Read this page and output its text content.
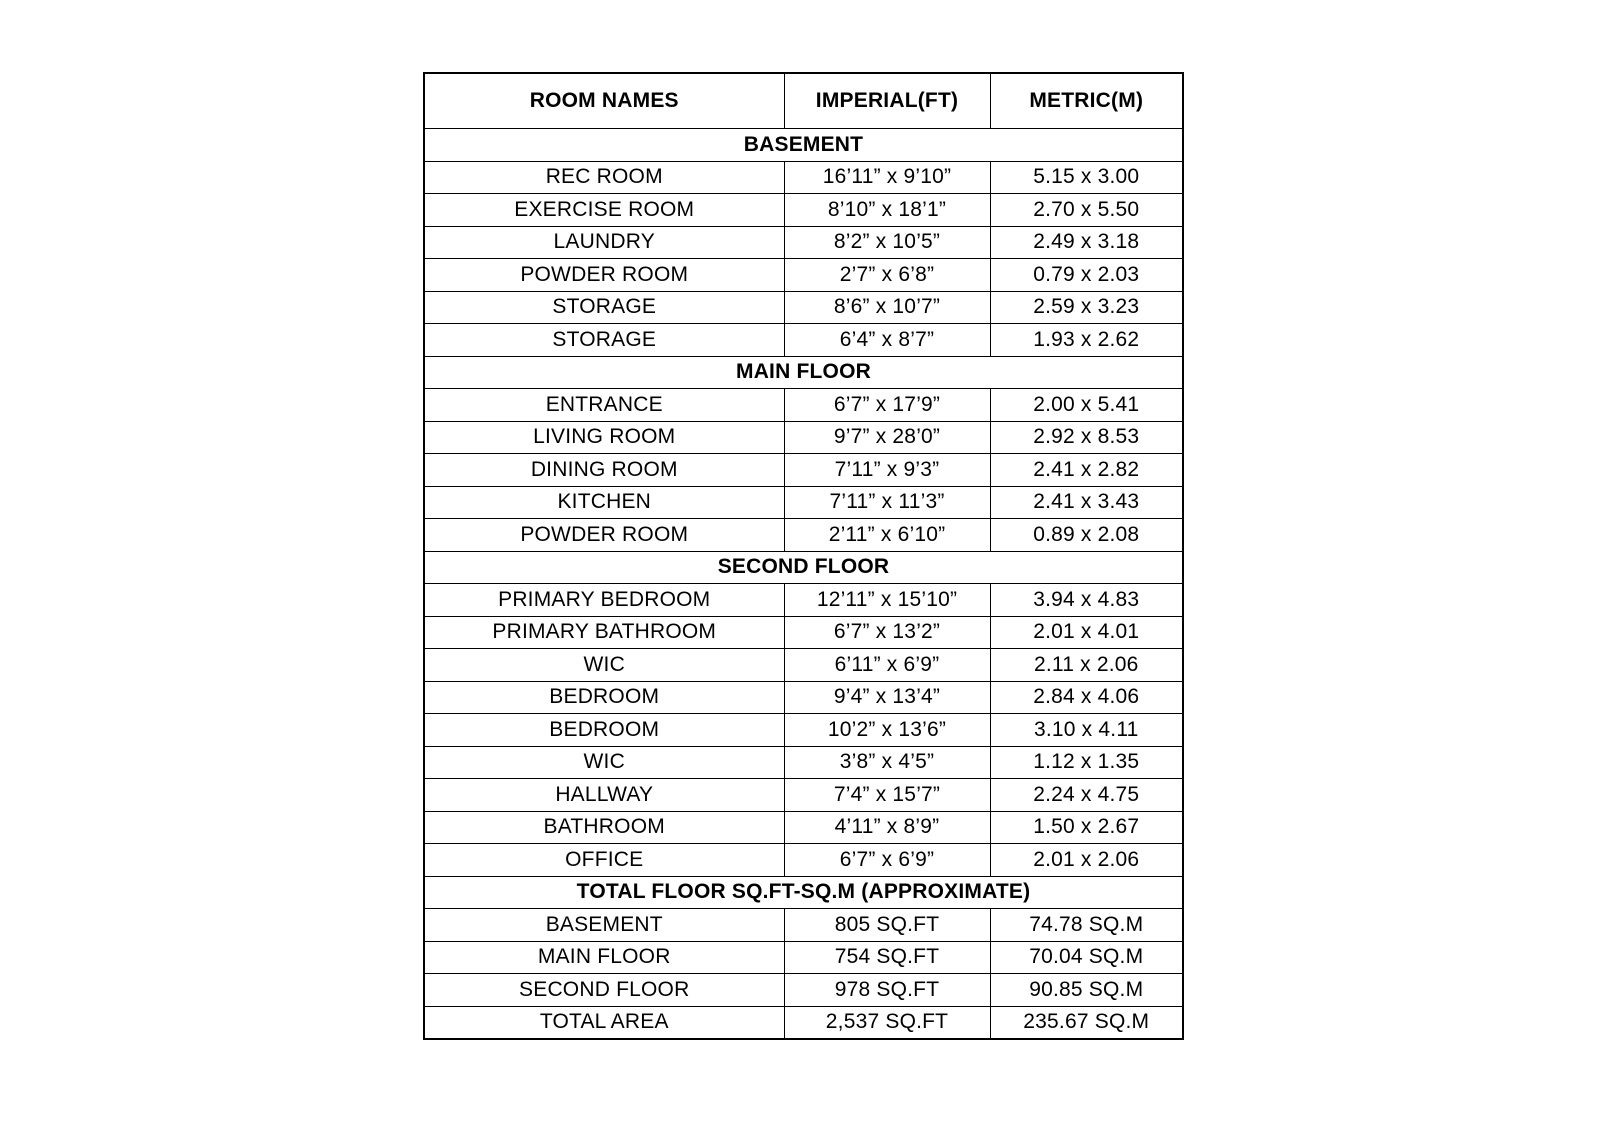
ROOM NAMES	IMPERIAL(FT)	METRIC(M)
BASEMENT		
REC ROOM	16’11” x 9’10”	5.15 x 3.00
EXERCISE ROOM	8’10” x 18’1”	2.70 x 5.50
LAUNDRY	8’2” x 10’5”	2.49 x 3.18
POWDER ROOM	2’7” x 6’8”	0.79 x 2.03
STORAGE	8’6” x 10’7”	2.59 x 3.23
STORAGE	6’4” x 8’7”	1.93 x 2.62
MAIN FLOOR		
ENTRANCE	6’7” x 17’9”	2.00 x 5.41
LIVING ROOM	9’7” x 28’0”	2.92 x 8.53
DINING ROOM	7’11” x 9’3”	2.41 x 2.82
KITCHEN	7’11” x 11’3”	2.41 x 3.43
POWDER ROOM	2’11” x 6’10”	0.89 x 2.08
SECOND FLOOR		
PRIMARY BEDROOM	12’11” x 15’10”	3.94 x 4.83
PRIMARY BATHROOM	6’7” x 13’2”	2.01 x 4.01
WIC	6’11” x 6’9”	2.11 x 2.06
BEDROOM	9’4” x 13’4”	2.84 x 4.06
BEDROOM	10’2” x 13’6”	3.10 x 4.11
WIC	3’8” x 4’5”	1.12 x 1.35
HALLWAY	7’4” x 15’7”	2.24 x 4.75
BATHROOM	4’11” x 8’9”	1.50 x 2.67
OFFICE	6’7” x 6’9”	2.01 x 2.06
TOTAL FLOOR SQ.FT-SQ.M (APPROXIMATE)		
BASEMENT	805 SQ.FT	74.78 SQ.M
MAIN FLOOR	754 SQ.FT	70.04 SQ.M
SECOND FLOOR	978 SQ.FT	90.85 SQ.M
TOTAL AREA	2,537 SQ.FT	235.67 SQ.M
